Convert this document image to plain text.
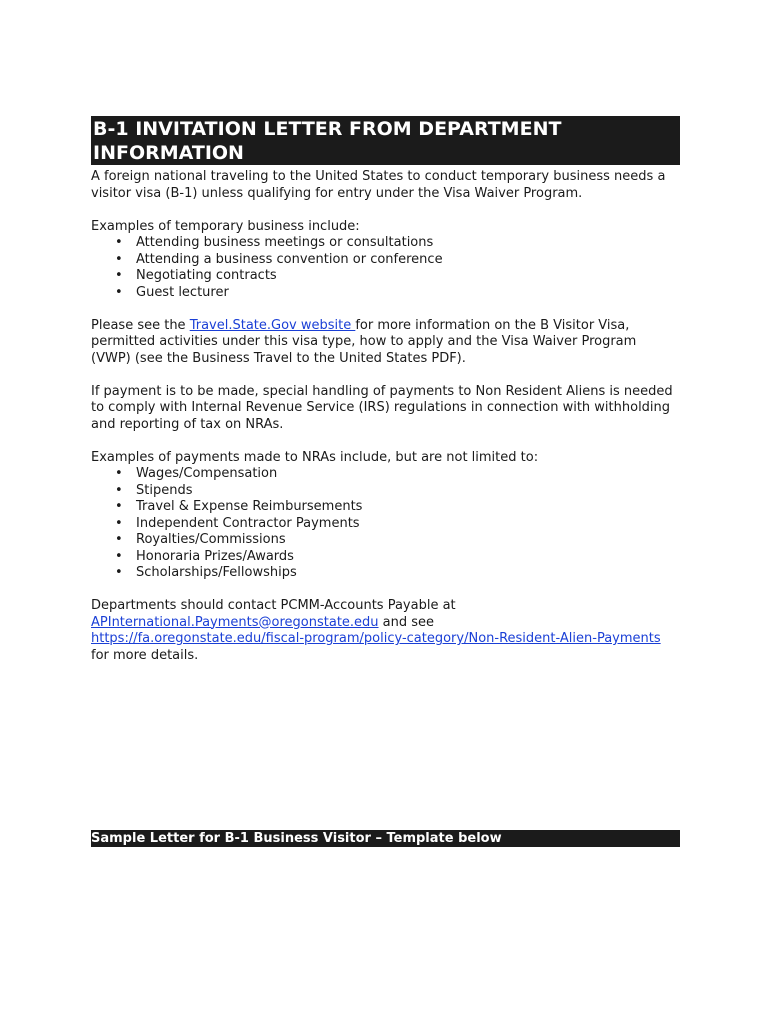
B-1 INVITATION LETTER FROM DEPARTMENT
INFORMATION

A foreign national traveling to the United States to conduct temporary business needs a visitor visa (B-1) unless qualifying for entry under the Visa Waiver Program.

Examples of temporary business include:

• Attending business meetings or consultations
• Attending a business convention or conference
• Negotiating contracts
• Guest lecturer

Please see the Travel.State.Gov website for more information on the B Visitor Visa, permitted activities under this visa type, how to apply and the Visa Waiver Program (VWP) (see the Business Travel to the United States PDF).

If payment is to be made, special handling of payments to Non Resident Aliens is needed to comply with Internal Revenue Service (IRS) regulations in connection with withholding and reporting of tax on NRAs.

Examples of payments made to NRAs include, but are not limited to:

• Wages/Compensation
• Stipends
• Travel & Expense Reimbursements
• Independent Contractor Payments
• Royalties/Commissions
• Honoraria Prizes/Awards
• Scholarships/Fellowships

Departments should contact PCMM-Accounts Payable at
APInternational.Payments@oregonstate.edu and see
https://fa.oregonstate.edu/fiscal-program/policy-category/Non-Resident-Alien-Payments for more details.

Sample Letter for B-1 Business Visitor – Template below
